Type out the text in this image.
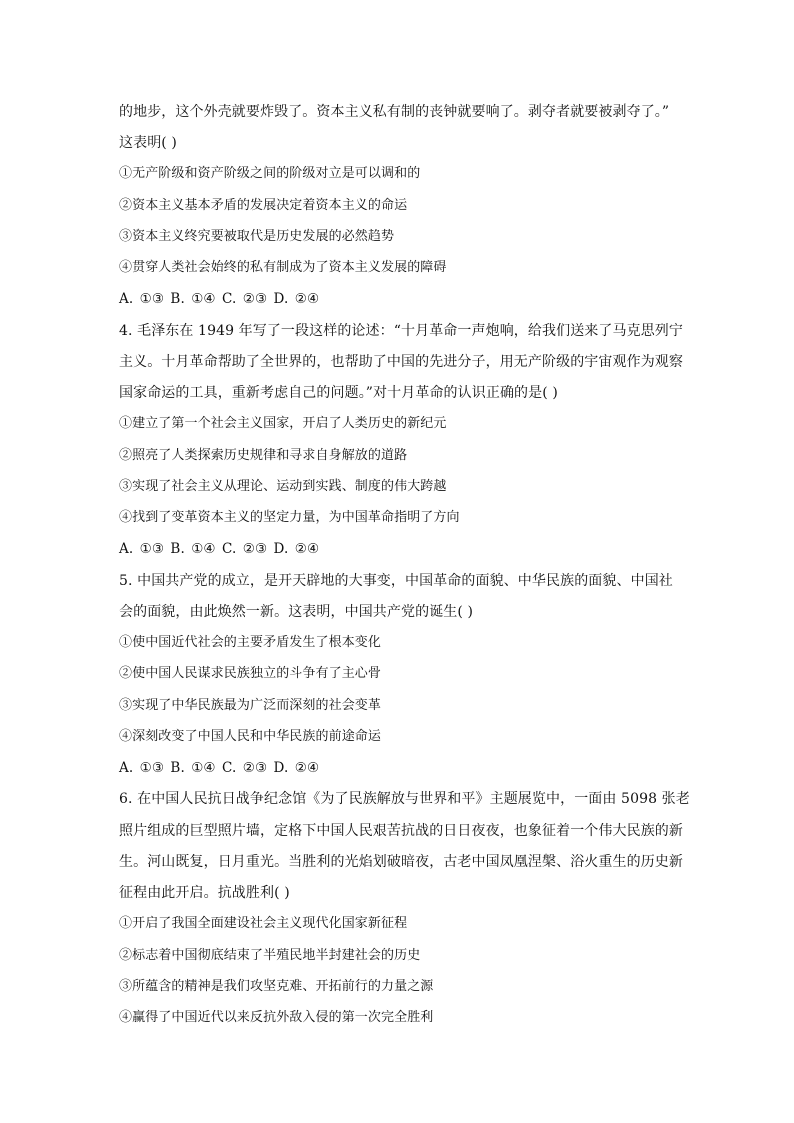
的地步，这个外壳就要炸毁了。资本主义私有制的丧钟就要响了。剥夺者就要被剥夺了。”
这表明( )
①无产阶级和资产阶级之间的阶级对立是可以调和的
②资本主义基本矛盾的发展决定着资本主义的命运
③资本主义终究要被取代是历史发展的必然趋势
④贯穿人类社会始终的私有制成为了资本主义发展的障碍
A. ①③ B. ①④ C. ②③ D. ②④
4. 毛泽东在 1949 年写了一段这样的论述：“十月革命一声炮响，给我们送来了马克思列宁
主义。十月革命帮助了全世界的，也帮助了中国的先进分子，用无产阶级的宇宙观作为观察
国家命运的工具，重新考虑自己的问题。”对十月革命的认识正确的是( )
①建立了第一个社会主义国家，开启了人类历史的新纪元
②照亮了人类探索历史规律和寻求自身解放的道路
③实现了社会主义从理论、运动到实践、制度的伟大跨越
④找到了变革资本主义的坚定力量，为中国革命指明了方向
A. ①③ B. ①④ C. ②③ D. ②④
5. 中国共产党的成立，是开天辟地的大事变，中国革命的面貌、中华民族的面貌、中国社
会的面貌，由此焕然一新。这表明，中国共产党的诞生( )
①使中国近代社会的主要矛盾发生了根本变化
②使中国人民谋求民族独立的斗争有了主心骨
③实现了中华民族最为广泛而深刻的社会变革
④深刻改变了中国人民和中华民族的前途命运
A. ①③ B. ①④ C. ②③ D. ②④
6. 在中国人民抗日战争纪念馆《为了民族解放与世界和平》主题展览中，一面由 5098 张老
照片组成的巨型照片墙，定格下中国人民艰苦抗战的日日夜夜，也象征着一个伟大民族的新
生。河山既复，日月重光。当胜利的光焰划破暗夜，古老中国凤凰涅槃、浴火重生的历史新
征程由此开启。抗战胜利( )
①开启了我国全面建设社会主义现代化国家新征程
②标志着中国彻底结束了半殖民地半封建社会的历史
③所蕴含的精神是我们攻坚克难、开拓前行的力量之源
④赢得了中国近代以来反抗外敌入侵的第一次完全胜利
